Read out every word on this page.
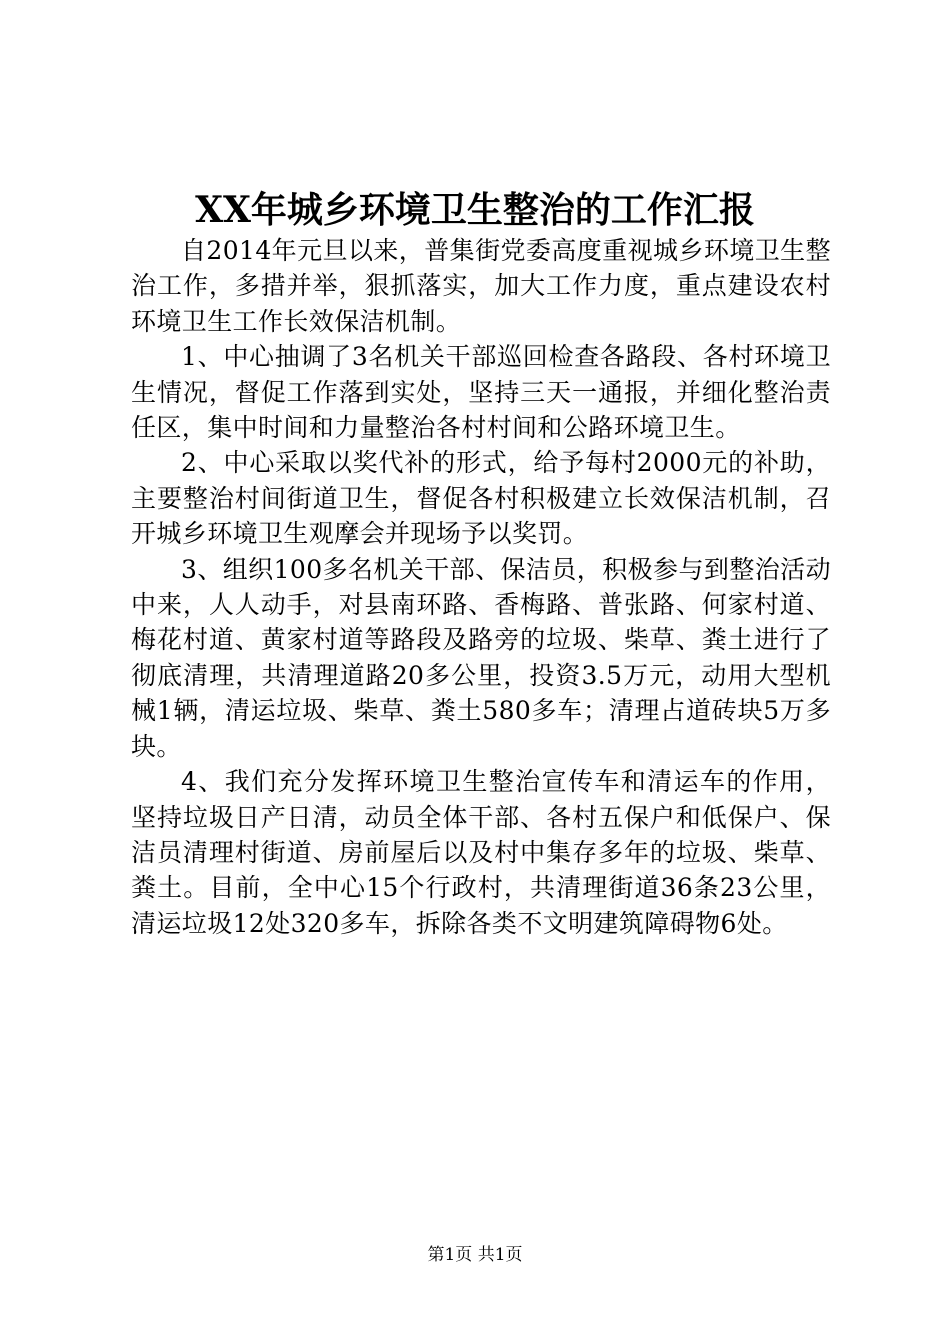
XX年城乡环境卫生整治的工作汇报

自2014年元旦以来，普集街党委高度重视城乡环境卫生整治工作，多措并举，狠抓落实，加大工作力度，重点建设农村环境卫生工作长效保洁机制。

1、中心抽调了3名机关干部巡回检查各路段、各村环境卫生情况，督促工作落到实处，坚持三天一通报，并细化整治责任区，集中时间和力量整治各村村间和公路环境卫生。

2、中心采取以奖代补的形式，给予每村2000元的补助，主要整治村间街道卫生，督促各村积极建立长效保洁机制，召开城乡环境卫生观摩会并现场予以奖罚。

3、组织100多名机关干部、保洁员，积极参与到整治活动中来，人人动手，对县南环路、香梅路、普张路、何家村道、梅花村道、黄家村道等路段及路旁的垃圾、柴草、粪土进行了彻底清理，共清理道路20多公里，投资3.5万元，动用大型机械1辆，清运垃圾、柴草、粪土580多车；清理占道砖块5万多块。

4、我们充分发挥环境卫生整治宣传车和清运车的作用，坚持垃圾日产日清，动员全体干部、各村五保户和低保户、保洁员清理村街道、房前屋后以及村中集存多年的垃圾、柴草、粪土。目前，全中心15个行政村，共清理街道36条23公里，清运垃圾12处320多车，拆除各类不文明建筑障碍物6处。

第1页 共1页
